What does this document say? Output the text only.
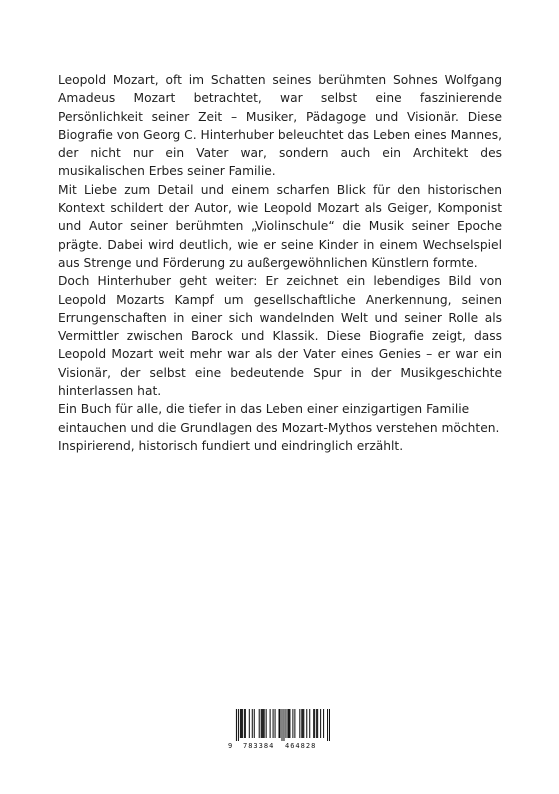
Leopold Mozart, oft im Schatten seines berühmten Sohnes Wolfgang Amadeus Mozart betrachtet, war selbst eine faszinierende Persönlichkeit seiner Zeit – Musiker, Pädagoge und Visionär. Diese Biografie von Georg C. Hinterhuber beleuchtet das Leben eines Mannes, der nicht nur ein Vater war, sondern auch ein Architekt des musikalischen Erbes seiner Familie.

Mit Liebe zum Detail und einem scharfen Blick für den historischen Kontext schildert der Autor, wie Leopold Mozart als Geiger, Komponist und Autor seiner berühmten „Violinschule“ die Musik seiner Epoche prägte. Dabei wird deutlich, wie er seine Kinder in einem Wechselspiel aus Strenge und Förderung zu außergewöhnlichen Künstlern formte.

Doch Hinterhuber geht weiter: Er zeichnet ein lebendiges Bild von Leopold Mozarts Kampf um gesellschaftliche Anerkennung, seinen Errungenschaften in einer sich wandelnden Welt und seiner Rolle als Vermittler zwischen Barock und Klassik. Diese Biografie zeigt, dass Leopold Mozart weit mehr war als der Vater eines Genies – er war ein Visionär, der selbst eine bedeutende Spur in der Musikgeschichte hinterlassen hat.

Ein Buch für alle, die tiefer in das Leben einer einzigartigen Familie eintauchen und die Grundlagen des Mozart-Mythos verstehen möchten. Inspirierend, historisch fundiert und eindringlich erzählt.

9 783384 464828
